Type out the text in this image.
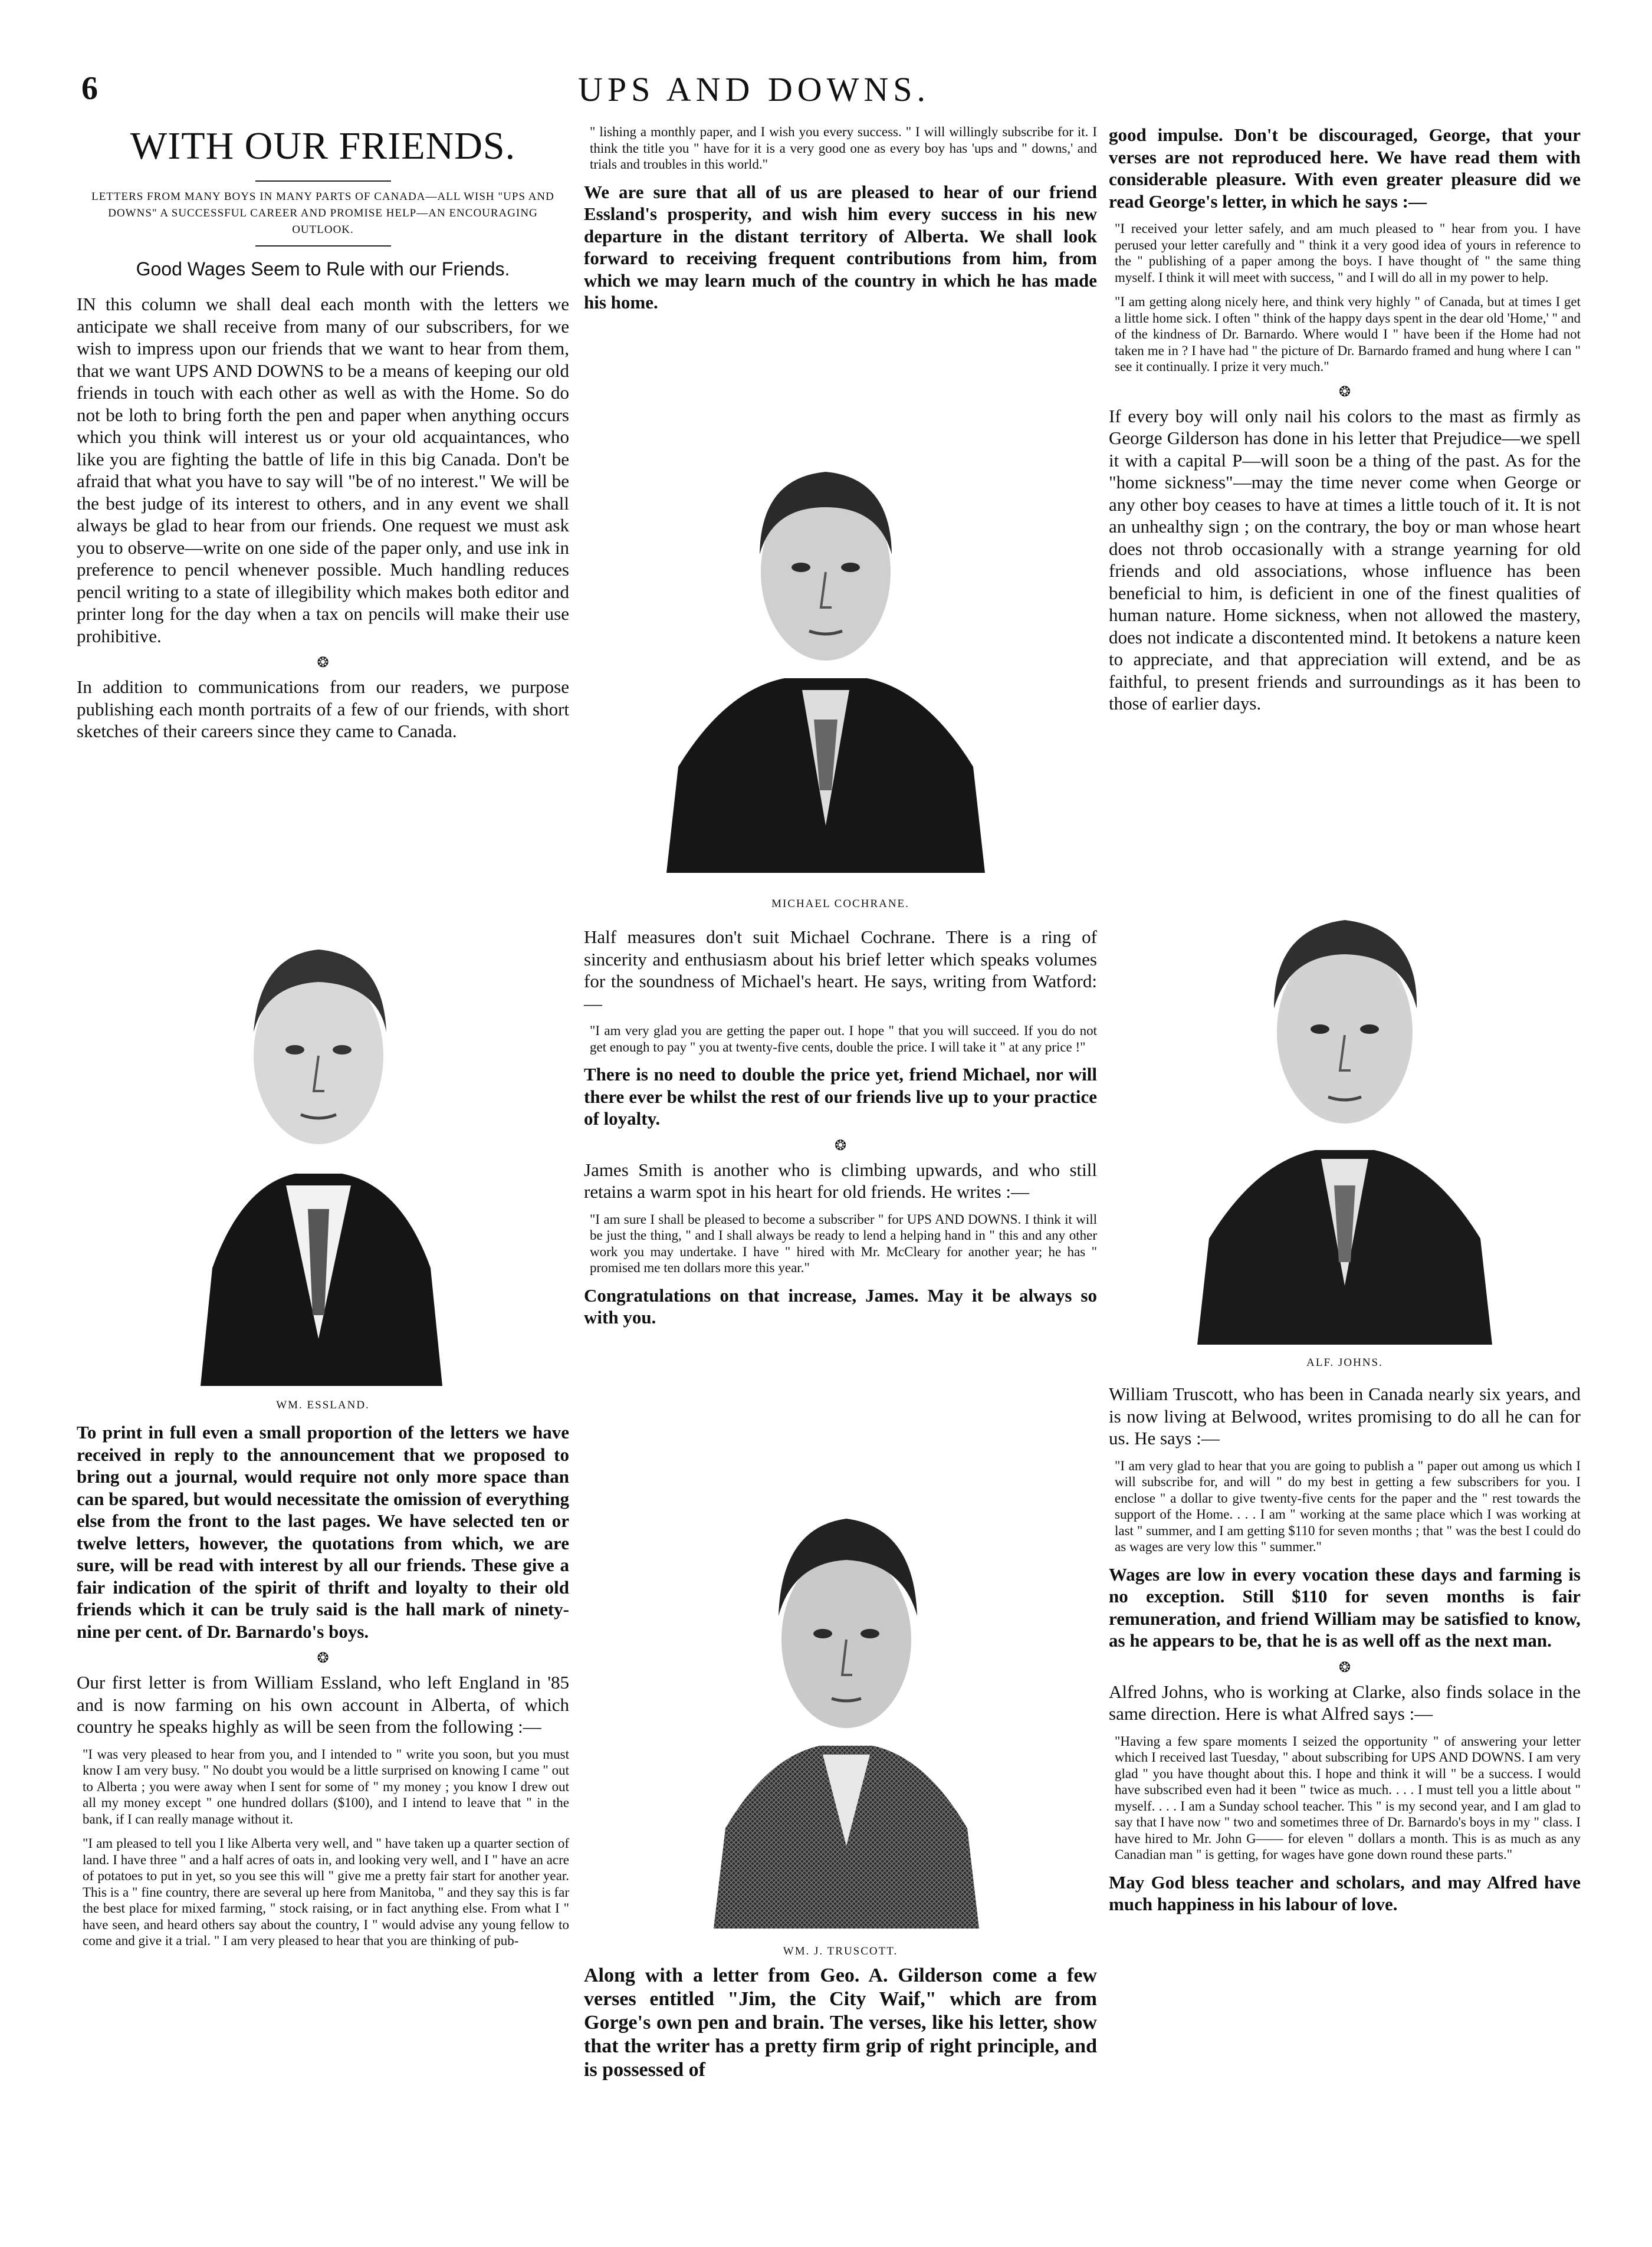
6	UPS AND DOWNS.
WITH OUR FRIENDS.
LETTERS FROM MANY BOYS IN MANY PARTS OF CANADA—ALL WISH "UPS AND DOWNS" A SUCCESSFUL CAREER AND PROMISE HELP—AN ENCOURAGING OUTLOOK.
Good Wages Seem to Rule with our Friends.

IN this column we shall deal each month with the letters we anticipate we shall receive from many of our subscribers, for we wish to impress upon our friends that we want to hear from them, that we want UPS AND DOWNS to be a means of keeping our old friends in touch with each other as well as with the Home. So do not be loth to bring forth the pen and paper when anything occurs which you think will interest us or your old acquaintances, who like you are fighting the battle of life in this big Canada. Don't be afraid that what you have to say will "be of no interest." We will be the best judge of its interest to others, and in any event we shall always be glad to hear from our friends. One request we must ask you to observe—write on one side of the paper only, and use ink in preference to pencil whenever possible. Much handling reduces pencil writing to a state of illegibility which makes both editor and printer long for the day when a tax on pencils will make their use prohibitive.

❂

In addition to communications from our readers, we purpose publishing each month portraits of a few of our friends, with short sketches of their careers since they came to Canada.

WM. ESSLAND.

To print in full even a small proportion of the letters we have received in reply to the announcement that we proposed to bring out a journal, would require not only more space than can be spared, but would necessitate the omission of everything else from the front to the last pages. We have selected ten or twelve letters, however, the quotations from which, we are sure, will be read with interest by all our friends. These give a fair indication of the spirit of thrift and loyalty to their old friends which it can be truly said is the hall mark of ninety-nine per cent. of Dr. Barnardo's boys.

❂

Our first letter is from William Essland, who left England in '85 and is now farming on his own account in Alberta, of which country he speaks highly as will be seen from the following :—

"I was very pleased to hear from you, and I intended to " write you soon, but you must know I am very busy. " No doubt you would be a little surprised on knowing I came " out to Alberta ; you were away when I sent for some of " my money ; you know I drew out all my money except " one hundred dollars ($100), and I intend to leave that " in the bank, if I can really manage without it.

"I am pleased to tell you I like Alberta very well, and " have taken up a quarter section of land. I have three " and a half acres of oats in, and looking very well, and I " have an acre of potatoes to put in yet, so you see this will " give me a pretty fair start for another year. This is a " fine country, there are several up here from Manitoba, " and they say this is far the best place for mixed farming, " stock raising, or in fact anything else. From what I " have seen, and heard others say about the country, I " would advise any young fellow to come and give it a trial. " I am very pleased to hear that you are thinking of pub-

" lishing a monthly paper, and I wish you every success. " I will willingly subscribe for it. I think the title you " have for it is a very good one as every boy has 'ups and " downs,' and trials and troubles in this world."

We are sure that all of us are pleased to hear of our friend Essland's prosperity, and wish him every success in his new departure in the distant territory of Alberta. We shall look forward to receiving frequent contributions from him, from which we may learn much of the country in which he has made his home.

MICHAEL COCHRANE.

Half measures don't suit Michael Cochrane. There is a ring of sincerity and enthusiasm about his brief letter which speaks volumes for the soundness of Michael's heart. He says, writing from Watford:—

"I am very glad you are getting the paper out. I hope " that you will succeed. If you do not get enough to pay " you at twenty-five cents, double the price. I will take it " at any price !"

There is no need to double the price yet, friend Michael, nor will there ever be whilst the rest of our friends live up to your practice of loyalty.

❂

James Smith is another who is climbing upwards, and who still retains a warm spot in his heart for old friends. He writes :—

"I am sure I shall be pleased to become a subscriber " for UPS AND DOWNS. I think it will be just the thing, " and I shall always be ready to lend a helping hand in " this and any other work you may undertake. I have " hired with Mr. McCleary for another year; he has " promised me ten dollars more this year."

Congratulations on that increase, James. May it be always so with you.

WM. J. TRUSCOTT.

Along with a letter from Geo. A. Gilderson come a few verses entitled "Jim, the City Waif," which are from Gorge's own pen and brain. The verses, like his letter, show that the writer has a pretty firm grip of right principle, and is possessed of

good impulse. Don't be discouraged, George, that your verses are not reproduced here. We have read them with considerable pleasure. With even greater pleasure did we read George's letter, in which he says :—

"I received your letter safely, and am much pleased to " hear from you. I have perused your letter carefully and " think it a very good idea of yours in reference to the " publishing of a paper among the boys. I have thought of " the same thing myself. I think it will meet with success, " and I will do all in my power to help.

"I am getting along nicely here, and think very highly " of Canada, but at times I get a little home sick. I often " think of the happy days spent in the dear old 'Home,' " and of the kindness of Dr. Barnardo. Where would I " have been if the Home had not taken me in ? I have had " the picture of Dr. Barnardo framed and hung where I can " see it continually. I prize it very much."

❂

If every boy will only nail his colors to the mast as firmly as George Gilderson has done in his letter that Prejudice—we spell it with a capital P—will soon be a thing of the past. As for the "home sickness"—may the time never come when George or any other boy ceases to have at times a little touch of it. It is not an unhealthy sign ; on the contrary, the boy or man whose heart does not throb occasionally with a strange yearning for old friends and old associations, whose influence has been beneficial to him, is deficient in one of the finest qualities of human nature. Home sickness, when not allowed the mastery, does not indicate a discontented mind. It betokens a nature keen to appreciate, and that appreciation will extend, and be as faithful, to present friends and surroundings as it has been to those of earlier days.

ALF. JOHNS.

William Truscott, who has been in Canada nearly six years, and is now living at Belwood, writes promising to do all he can for us. He says :—

"I am very glad to hear that you are going to publish a " paper out among us which I will subscribe for, and will " do my best in getting a few subscribers for you. I enclose " a dollar to give twenty-five cents for the paper and the " rest towards the support of the Home. . . . I am " working at the same place which I was working at last " summer, and I am getting $110 for seven months ; that " was the best I could do as wages are very low this " summer."

Wages are low in every vocation these days and farming is no exception. Still $110 for seven months is fair remuneration, and friend William may be satisfied to know, as he appears to be, that he is as well off as the next man.

❂

Alfred Johns, who is working at Clarke, also finds solace in the same direction. Here is what Alfred says :—

"Having a few spare moments I seized the opportunity " of answering your letter which I received last Tuesday, " about subscribing for UPS AND DOWNS. I am very glad " you have thought about this. I hope and think it will " be a success. I would have subscribed even had it been " twice as much. . . . I must tell you a little about " myself. . . . I am a Sunday school teacher. This " is my second year, and I am glad to say that I have now " two and sometimes three of Dr. Barnardo's boys in my " class. I have hired to Mr. John G—— for eleven " dollars a month. This is as much as any Canadian man " is getting, for wages have gone down round these parts."

May God bless teacher and scholars, and may Alfred have much happiness in his labour of love.
